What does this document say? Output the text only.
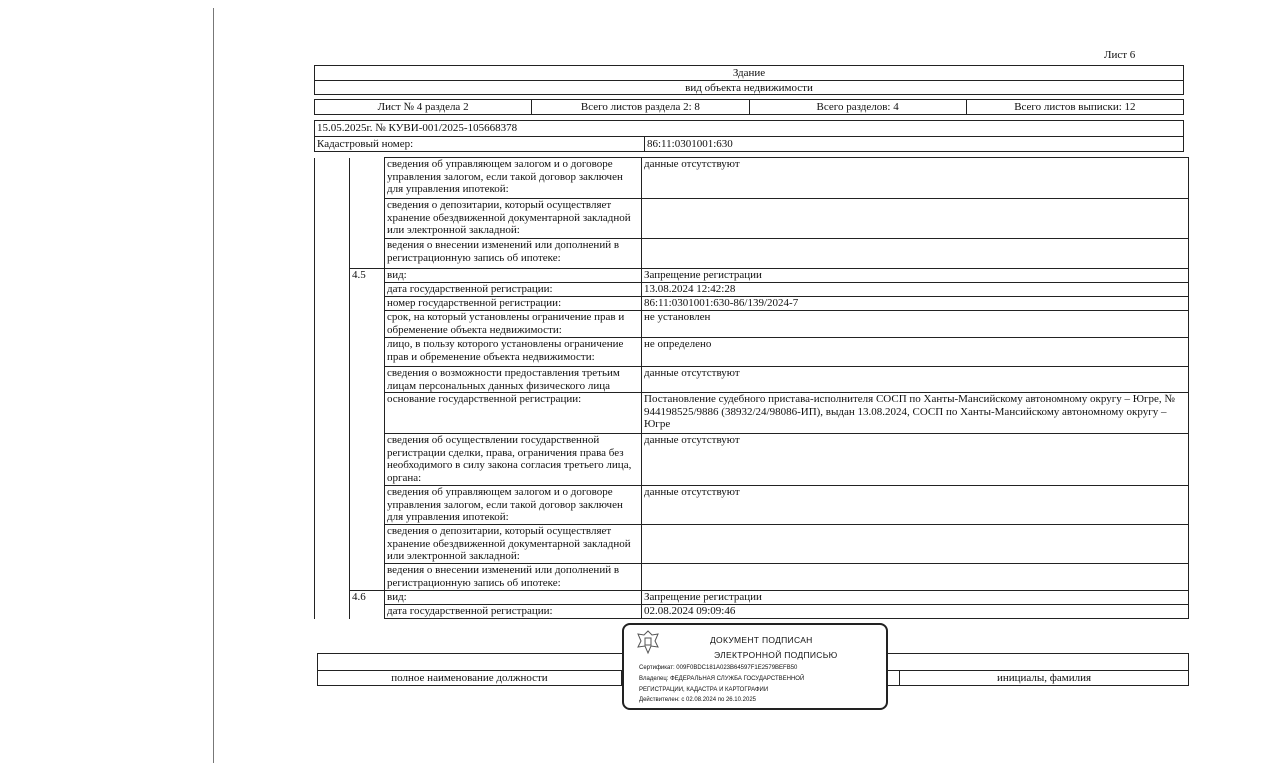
Лист 6
Здание
вид объекта недвижимости
Лист № 4 раздела 2	Всего листов раздела 2: 8	Всего разделов: 4	Всего листов выписки: 12
15.05.2025г. № КУВИ-001/2025-105668378
Кадастровый номер:	86:11:0301001:630
		сведения об управляющем залогом и о договоре управления залогом, если такой договор заключен для управления ипотекой:	данные отсутствуют
		сведения о депозитарии, который осуществляет хранение обездвиженной документарной закладной или электронной закладной:	
		ведения о внесении изменений или дополнений в регистрационную запись об ипотеке:	
	4.5	вид:	Запрещение регистрации
		дата государственной регистрации:	13.08.2024 12:42:28
		номер государственной регистрации:	86:11:0301001:630-86/139/2024-7
		срок, на который установлены ограничение прав и обременение объекта недвижимости:	не установлен
		лицо, в пользу которого установлены ограничение прав и обременение объекта недвижимости:	не определено
		сведения о возможности предоставления третьим лицам персональных данных физического лица	данные отсутствуют
		основание государственной регистрации:	Постановление судебного пристава-исполнителя СОСП по Ханты-Мансийскому автономному округу – Югре, № 944198525/9886 (38932/24/98086-ИП), выдан 13.08.2024, СОСП по Ханты-Мансийскому автономному округу – Югре
		сведения об осуществлении государственной регистрации сделки, права, ограничения права без необходимого в силу закона согласия третьего лица, органа:	данные отсутствуют
		сведения об управляющем залогом и о договоре управления залогом, если такой договор заключен для управления ипотекой:	данные отсутствуют
		сведения о депозитарии, который осуществляет хранение обездвиженной документарной закладной или электронной закладной:	
		ведения о внесении изменений или дополнений в регистрационную запись об ипотеке:	
	4.6	вид:	Запрещение регистрации
		дата государственной регистрации:	02.08.2024 09:09:46
полное наименование должности	инициалы, фамилия
ДОКУМЕНТ ПОДПИСАН
ЭЛЕКТРОННОЙ ПОДПИСЬЮ
Сертификат: 009F0BDC181A023B64597F1E2579BEFB50
Владелец: ФЕДЕРАЛЬНАЯ СЛУЖБА ГОСУДАРСТВЕННОЙ
РЕГИСТРАЦИИ, КАДАСТРА И КАРТОГРАФИИ
Действителен: с 02.08.2024 по 26.10.2025
